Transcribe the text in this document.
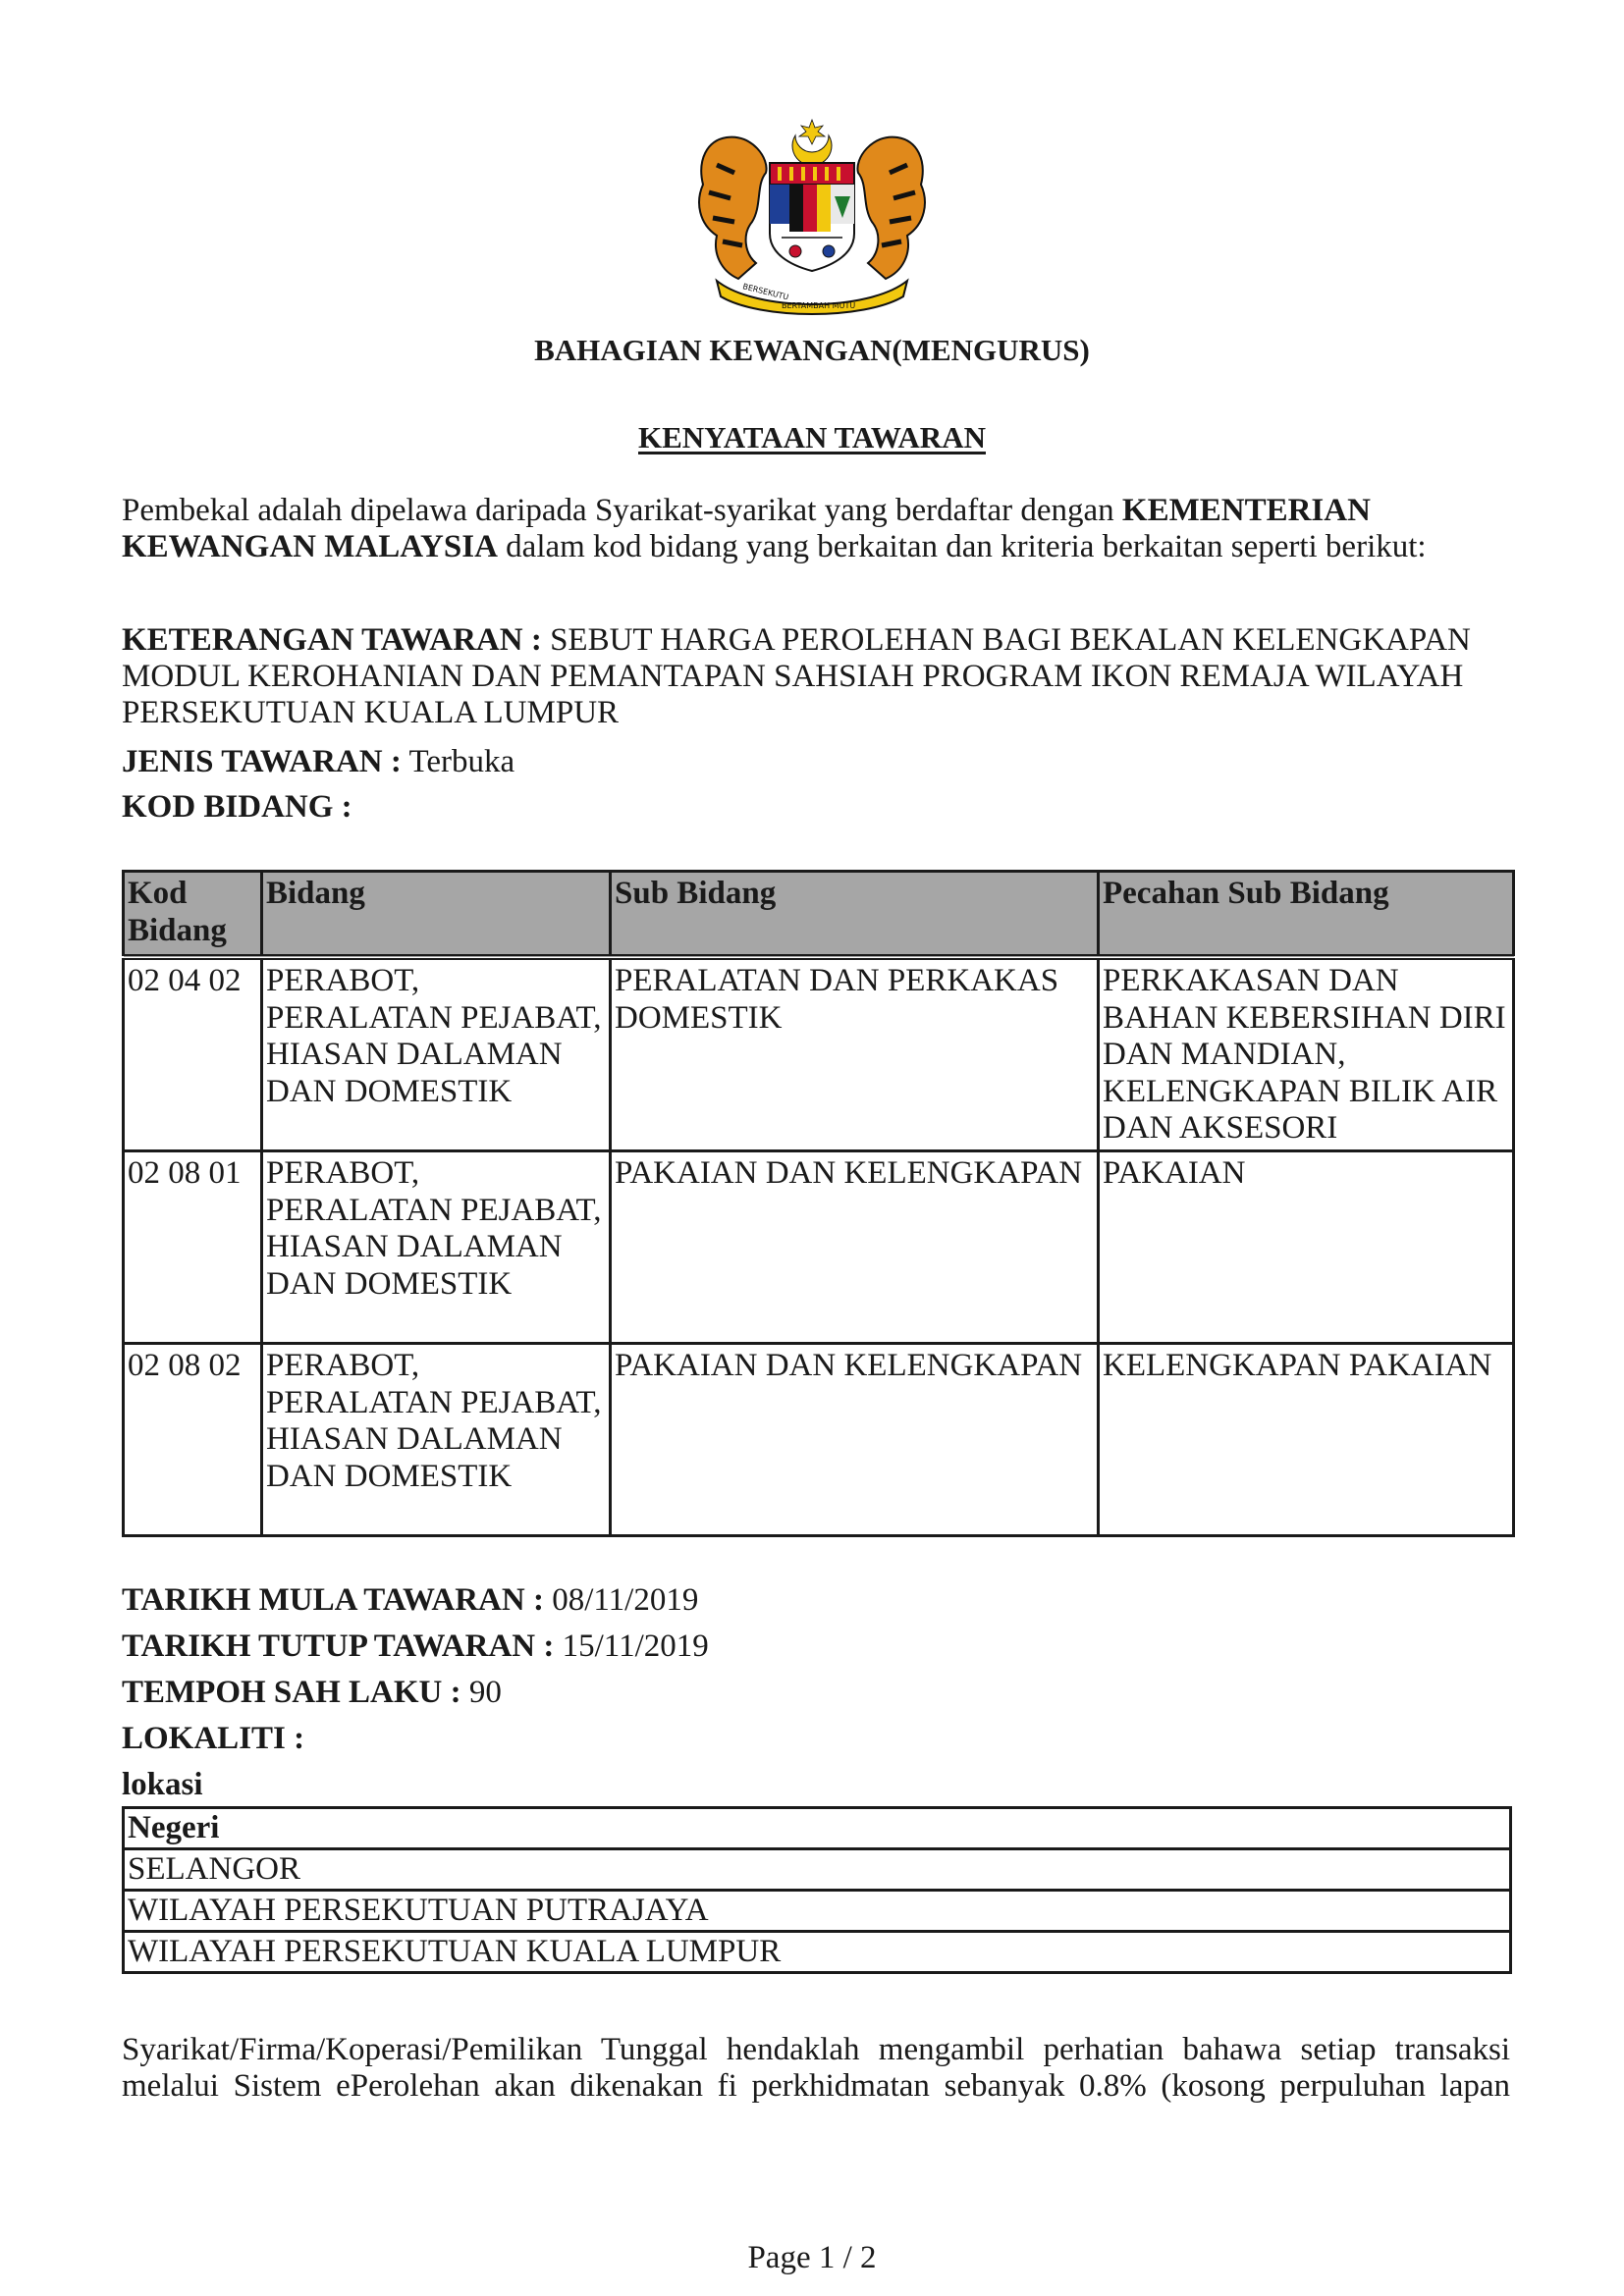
BERSEKUTU
BERTAMBAH MUTU
BAHAGIAN KEWANGAN(MENGURUS)
KENYATAAN TAWARAN
Pembekal adalah dipelawa daripada Syarikat-syarikat yang berdaftar dengan KEMENTERIAN KEWANGAN MALAYSIA dalam kod bidang yang berkaitan dan kriteria berkaitan seperti berikut:
KETERANGAN TAWARAN : SEBUT HARGA PEROLEHAN BAGI BEKALAN KELENGKAPAN MODUL KEROHANIAN DAN PEMANTAPAN SAHSIAH PROGRAM IKON REMAJA WILAYAH PERSEKUTUAN KUALA LUMPUR
JENIS TAWARAN : Terbuka
KOD BIDANG :
Kod Bidang	Bidang	Sub Bidang	Pecahan Sub Bidang
02 04 02	PERABOT, PERALATAN PEJABAT, HIASAN DALAMAN DAN DOMESTIK	PERALATAN DAN PERKAKAS DOMESTIK	PERKAKASAN DAN BAHAN KEBERSIHAN DIRI DAN MANDIAN, KELENGKAPAN BILIK AIR DAN AKSESORI
02 08 01	PERABOT, PERALATAN PEJABAT, HIASAN DALAMAN DAN DOMESTIK	PAKAIAN DAN KELENGKAPAN	PAKAIAN
02 08 02	PERABOT, PERALATAN PEJABAT, HIASAN DALAMAN DAN DOMESTIK	PAKAIAN DAN KELENGKAPAN	KELENGKAPAN PAKAIAN
TARIKH MULA TAWARAN : 08/11/2019
TARIKH TUTUP TAWARAN : 15/11/2019
TEMPOH SAH LAKU : 90
LOKALITI :
lokasi
Negeri
SELANGOR
WILAYAH PERSEKUTUAN PUTRAJAYA
WILAYAH PERSEKUTUAN KUALA LUMPUR
Syarikat/Firma/Koperasi/Pemilikan Tunggal hendaklah mengambil perhatian bahawa setiap transaksi melalui Sistem ePerolehan akan dikenakan fi perkhidmatan sebanyak 0.8% (kosong perpuluhan lapan
Page 1 / 2
